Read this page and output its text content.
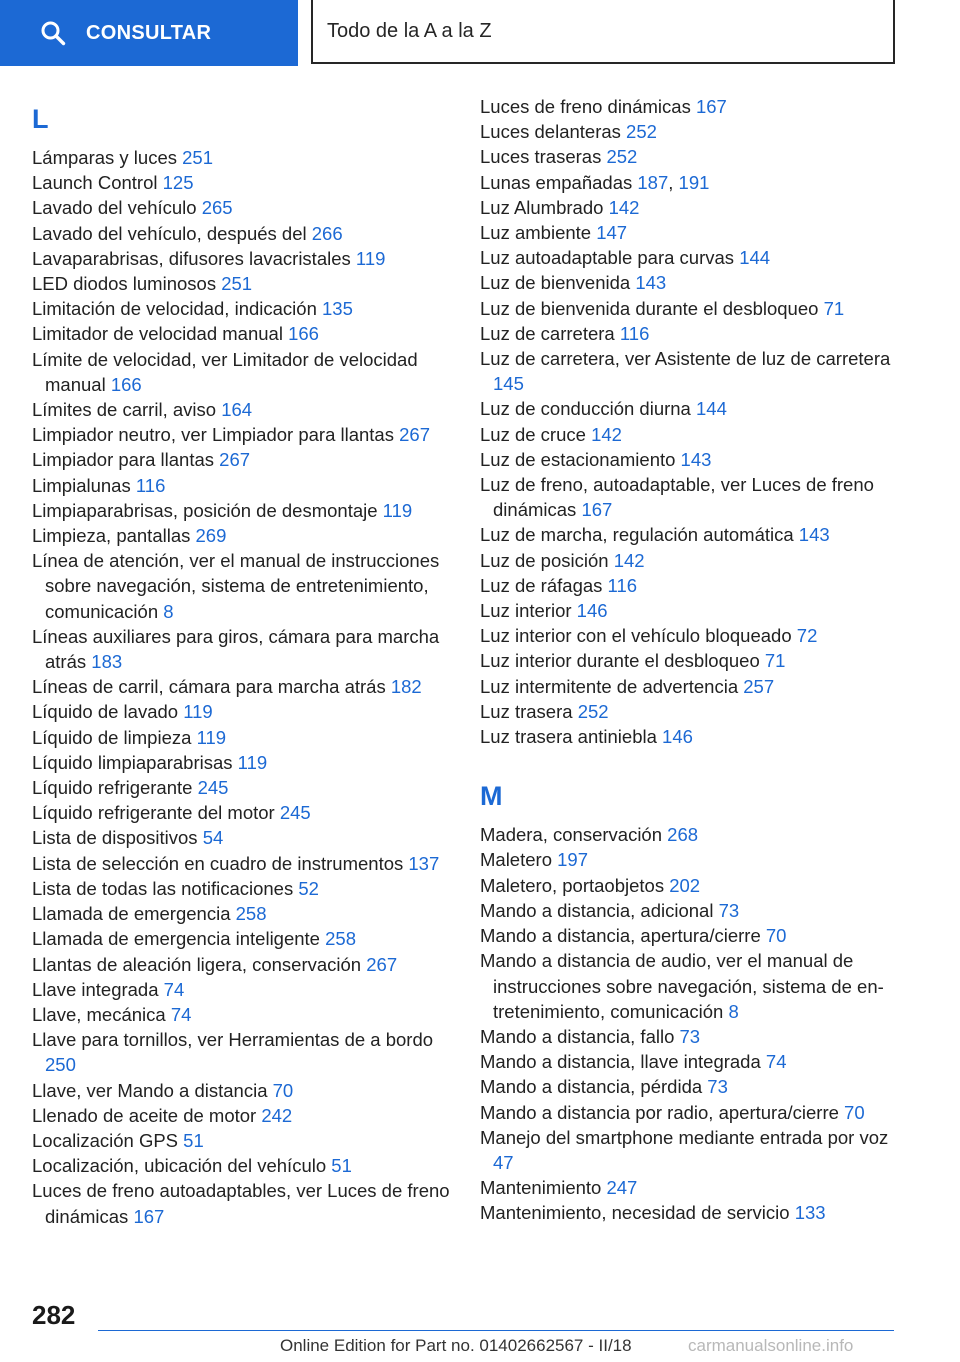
CONSULTAR	Todo de la A a la Z
L
Lámparas y luces 251
Launch Control 125
Lavado del vehículo 265
Lavado del vehículo, después del 266
Lavaparabrisas, difusores lavacristales 119
LED diodos luminosos 251
Limitación de velocidad, indicación 135
Limitador de velocidad manual 166
Límite de velocidad, ver Limitador de velocidad manual 166
Límites de carril, aviso 164
Limpiador neutro, ver Limpiador para llantas 267
Limpiador para llantas 267
Limpialunas 116
Limpiaparabrisas, posición de desmontaje 119
Limpieza, pantallas 269
Línea de atención, ver el manual de instrucciones sobre navegación, sistema de entretenimiento, comunicación 8
Líneas auxiliares para giros, cámara para marcha atrás 183
Líneas de carril, cámara para marcha atrás 182
Líquido de lavado 119
Líquido de limpieza 119
Líquido limpiaparabrisas 119
Líquido refrigerante 245
Líquido refrigerante del motor 245
Lista de dispositivos 54
Lista de selección en cuadro de instrumentos 137
Lista de todas las notificaciones 52
Llamada de emergencia 258
Llamada de emergencia inteligente 258
Llantas de aleación ligera, conservación 267
Llave integrada 74
Llave, mecánica 74
Llave para tornillos, ver Herramientas de a bordo 250
Llave, ver Mando a distancia 70
Llenado de aceite de motor 242
Localización GPS 51
Localización, ubicación del vehículo 51
Luces de freno autoadaptables, ver Luces de freno dinámicas 167
Luces de freno dinámicas 167
Luces delanteras 252
Luces traseras 252
Lunas empañadas 187, 191
Luz Alumbrado 142
Luz ambiente 147
Luz autoadaptable para curvas 144
Luz de bienvenida 143
Luz de bienvenida durante el desbloqueo 71
Luz de carretera 116
Luz de carretera, ver Asistente de luz de carretera 145
Luz de conducción diurna 144
Luz de cruce 142
Luz de estacionamiento 143
Luz de freno, autoadaptable, ver Luces de freno dinámicas 167
Luz de marcha, regulación automática 143
Luz de posición 142
Luz de ráfagas 116
Luz interior 146
Luz interior con el vehículo bloqueado 72
Luz interior durante el desbloqueo 71
Luz intermitente de advertencia 257
Luz trasera 252
Luz trasera antiniebla 146
M
Madera, conservación 268
Maletero 197
Maletero, portaobjetos 202
Mando a distancia, adicional 73
Mando a distancia, apertura/cierre 70
Mando a distancia de audio, ver el manual de instrucciones sobre navegación, sistema de entretenimiento, comunicación 8
Mando a distancia, fallo 73
Mando a distancia, llave integrada 74
Mando a distancia, pérdida 73
Mando a distancia por radio, apertura/cierre 70
Manejo del smartphone mediante entrada por voz 47
Mantenimiento 247
Mantenimiento, necesidad de servicio 133
282
Online Edition for Part no. 01402662567 - II/18	carmanualsonline.info
